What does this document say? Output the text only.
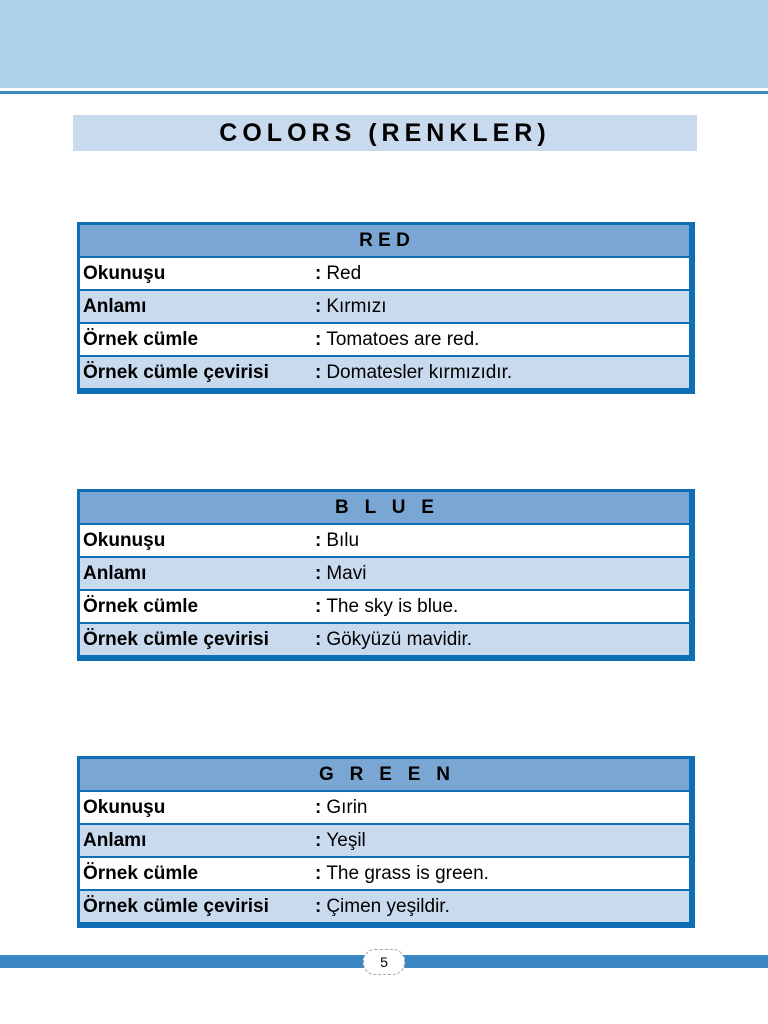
COLORS (RENKLER)
R E D
Okunuşu	: Red
Anlamı	: Kırmızı
Örnek cümle	: Tomatoes are red.
Örnek cümle çevirisi	: Domatesler kırmızıdır.
B   L   U   E
Okunuşu	: Bılu
Anlamı	: Mavi
Örnek cümle	: The sky is blue.
Örnek cümle çevirisi	: Gökyüzü mavidir.
G   R   E   E   N
Okunuşu	: Gırin
Anlamı	: Yeşil
Örnek cümle	: The grass is green.
Örnek cümle çevirisi	: Çimen yeşildir.
5
